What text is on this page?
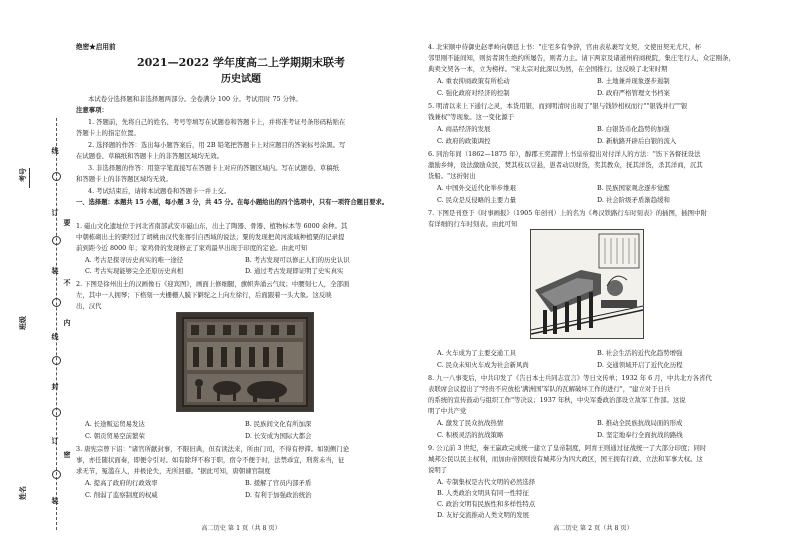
考号
班级
姓名
线
订
要
装
不
内
线
封
订
密
装
绝密★启用前
2021—2022 学年度高二上学期期末联考
历史试题
本试卷分选择题和非选择题两部分。全卷满分 100 分。考试用时 75 分钟。
注意事项：
1. 答题前，先将自己的姓名、考号等填写在试题卷和答题卡上，并将准考证号条形码粘贴在
答题卡上的指定位置。
2. 选择题的作答：选出每小题答案后，用 2B 铅笔把答题卡上对应题目的答案标号涂黑。写
在试题卷、草稿纸和答题卡上的非答题区域均无效。
3. 非选择题的作答：用签字笔直接写在答题卡上对应的答题区域内。写在试题卷、草稿纸
和答题卡上的非答题区域均无效。
4. 考试结束后，请将本试题卷和答题卡一并上交。
一、选择题：本题共 15 小题，每小题 3 分，共 45 分。在每小题给出的四个选项中，只有一项符合题目要求。
1. 磁山文化遗址位于河北省南部武安市磁山东，出土了陶器、骨器、植物标本等 6000 余种。其
中朝栋砌出土的粟经过了胡桃由汉代张骞引自西域的说法；粟的发现把黄河流域种植粟的记录提
前到距今近 8000 年；家鸡骨的发现修正了家鸡最早出现于印度的定论。由此可知
A. 考古是探寻历史真实的唯一途径	B. 考古发现可以修正人们的历史认识
C. 考古实现能够完全还原历史真相	D. 通过考古发现即证明了史实真实
2. 下图是徐州出土的汉画像石《迎宾图》，画面上修细腿，旗帜奔涌云气纹；中腰刻七人，全部面
左，其中一人拥琴；下格刻一夫栅栅人膜下僻驼之上向左徐行，后面跟着一头大象。这反映
出，汉代
A. 长途贩运贸易发达	B. 民族间文化有所加深
C. 朝贡贸易空前繁荣	D. 长安成为国际大都会
3. 唐宪宗曾下诏："诸官所献封事，不限旧典，但有读法来，所由门司，不得有停滞。如别侧门论
事，亦任随状面奏，即便令引对。如有除拜不称于职，宿令不便于时，法禁乖宜，刑赏未当，征
求无节，冤滥在人，并极论失，无所回避。"据此可知，唐朝谏官制度
A. 提高了政府的行政效率	B. 援解了官员内部矛盾
C. 削弱了监察制度的权威	D. 有利于加强政治统治
高二历史 第 1 页（共 8 页）
4. 北宋顺中侍御史赵孝岭向朝廷上书："庄宅多有争辞，官由表私裹写文契，文使田契无尤尺，杯
邻里刚不能间知，则贫者困生绝约所屡告，则者力主。请下两京及诸道州府商税院，集庄宅行人，众定刚条，
典卖文契各一本，立为榜样。"宋太宗对此深以为然，在全国推行。这反映了北宋时期
A. 重农抑商政策有所松动	B. 土地兼并现象逐步遏制
C. 强化政府对经济的控制	D. 政府严格管理文书档案
5. 明清以来上下通行之灵，本货用银，而到明清时出现了"银与钱钞相权而行""银钱并行""银
钱兼权"等现象。这一变化源于
A. 商品经济的发展	B. 白银货币化趋势的加强
C. 政府的政策调控	D. 新航路开辟后白银的流入
6. 同治年间（1862—1875 年），醇郡王奕譞曾上书皇帝提出对付洋人的方法："饬下各督抚设法
激励乡绅，设法激励众民，焚其枝以豆悬，愚者动以财货，奖其教众，抚其洋货，杀其洋商，沉其
货船。"这折射出
A. 中国外交近代化举步维艰	B. 民族国家观念逐步觉醒
C. 民众是反侵略的主要力量	D. 社会阶级矛盾渐趋缓和
7. 下图是刊登于《时事画报》（1905 年创刊）上的名为《粤汉铁路行车时刻表》的插图，插图中附
有详细的行车时刻表。由此可知
A. 火车成为了主要交通工具	B. 社会生活的近代化趋势增强
C. 民众未知火车成为社会新风尚	D. 交通领域开启了近代化历程
8. 九一八事变后，中共印发了《告日本士兵同志宣言》等日文传单；1932 年 6 月，中共北方各省代
表联席会议提出了"经贵不应放松'满洲国'军队的瓦解破坏工作的进行"，"建立对于日兵
的系统的宣传鼓动与组织工作"等决议；1937 年秋，中央军委政治部设立敌军工作部。这说
明了中共产党
A. 激发了民众抗战热情	B. 推动全民族抗战局面的形成
C. 积极灵活的抗战策略	D. 坚定地奉行全面抗战的路线
9. 公元前 3 世纪，秦王嬴政完成统一建立了皇帝制度，阿育王则通过征战统一了大部分印度；同时
城邦公民以民主权利，而加由帝国则没有城邦分为四大政区，国王拥有行政、立法和军事大权。这
说明了
A. 专制集权是古代文明的必然选择
B. 人类政治文明具有同一性特征
C. 政治文明有民族性和多样性特点
D. 友好交流推动人类文明的发展
高二历史 第 2 页（共 8 页）
